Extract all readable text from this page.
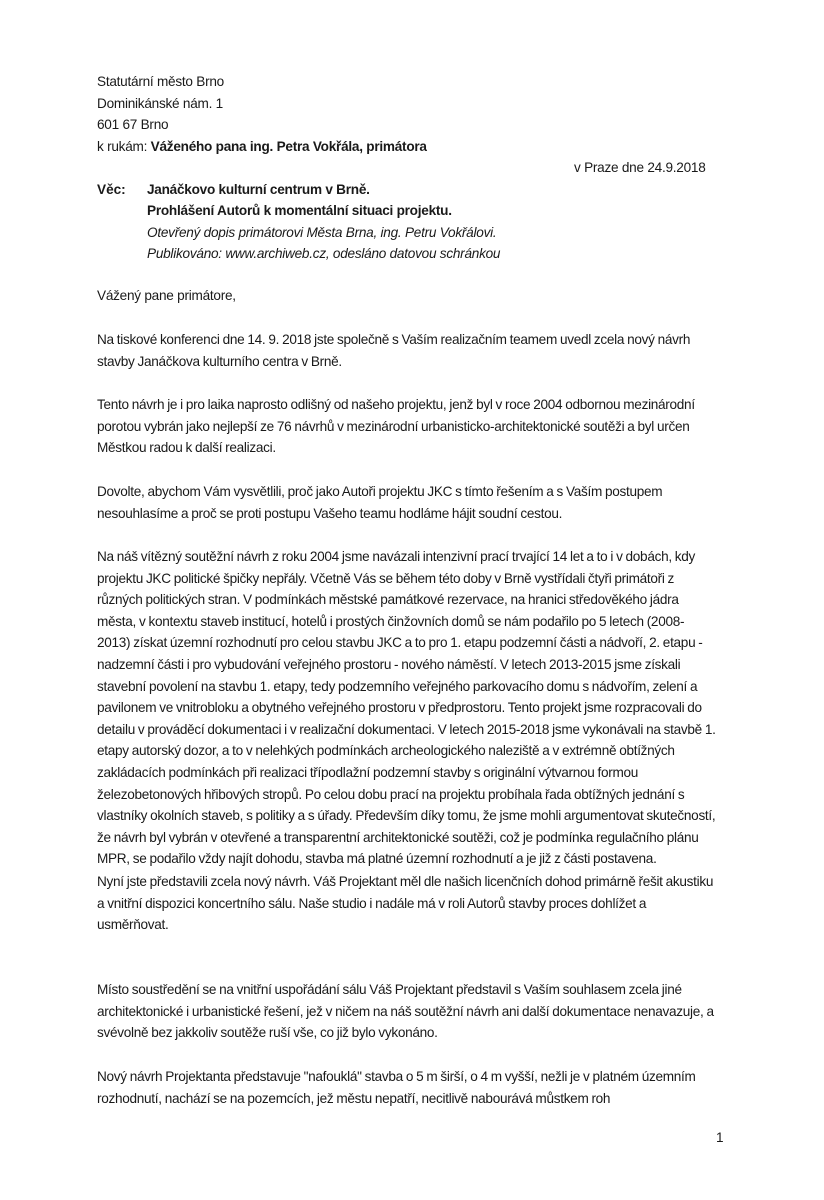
Statutární město Brno
Dominikánské nám. 1
601 67 Brno
k rukám: Váženého pana ing. Petra Vokřála, primátora
v Praze dne 24.9.2018
Věc: Janáčkovo kulturní centrum v Brně.
Prohlášení Autorů k momentální situaci projektu.
Otevřený dopis primátorovi Města Brna, ing. Petru Vokřálovi.
Publikováno: www.archiweb.cz, odesláno datovou schránkou
Vážený pane primátore,

Na tiskové konferenci dne 14. 9. 2018 jste společně s Vaším realizačním teamem uvedl zcela nový návrh stavby Janáčkova kulturního centra v Brně.

Tento návrh je i pro laika naprosto odlišný od našeho projektu, jenž byl v roce 2004 odbornou mezinárodní porotou vybrán jako nejlepší ze 76 návrhů v mezinárodní urbanisticko-architektonické soutěži a byl určen Městkou radou k další realizaci.

Dovolte, abychom Vám vysvětlili, proč jako Autoři projektu JKC s tímto řešením a s Vaším postupem nesouhlasíme a proč se proti postupu Vašeho teamu hodláme hájit soudní cestou.

Na náš vítězný soutěžní návrh z roku 2004 jsme navázali intenzivní prací trvající 14 let a to i v dobách, kdy projektu JKC politické špičky nepřály. Včetně Vás se během této doby v Brně vystřídali čtyři primátoři z různých politických stran. V podmínkách městské památkové rezervace, na hranici středověkého jádra města, v kontextu staveb institucí, hotelů i prostých činžovních domů se nám podařilo po 5 letech (2008-2013) získat územní rozhodnutí pro celou stavbu JKC a to pro 1. etapu podzemní části a nádvoří, 2. etapu - nadzemní části i pro vybudování veřejného prostoru - nového náměstí. V letech 2013-2015 jsme získali stavební povolení na stavbu 1. etapy, tedy podzemního veřejného parkovacího domu s nádvořím, zelení a pavilonem ve vnitrobloku a obytného veřejného prostoru v předprostoru. Tento projekt jsme rozpracovali do detailu v prováděcí dokumentaci i v realizační dokumentaci. V letech 2015-2018 jsme vykonávali na stavbě 1. etapy autorský dozor, a to v nelehkých podmínkách archeologického naleziště a v extrémně obtížných zakládacích podmínkách při realizaci třípodlažní podzemní stavby s originální výtvarnou formou železobetonových hřibových stropů. Po celou dobu prací na projektu probíhala řada obtížných jednání s vlastníky okolních staveb, s politiky a s úřady. Především díky tomu, že jsme mohli argumentovat skutečností, že návrh byl vybrán v otevřené a transparentní architektonické soutěži, což je podmínka regulačního plánu MPR, se podařilo vždy najít dohodu, stavba má platné územní rozhodnutí a je již z části postavena.

Nyní jste představili zcela nový návrh. Váš Projektant měl dle našich licenčních dohod primárně řešit akustiku a vnitřní dispozici koncertního sálu. Naše studio i nadále má v roli Autorů stavby proces dohlížet a usměrňovat.

Místo soustředění se na vnitřní uspořádání sálu Váš Projektant představil s Vaším souhlasem zcela jiné architektonické i urbanistické řešení, jež v ničem na náš soutěžní návrh ani další dokumentace nenavazuje, a svévolně bez jakkoliv soutěže ruší vše, co již bylo vykonáno.

Nový návrh Projektanta představuje "nafouklá" stavba o 5 m širší, o 4 m vyšší, nežli je v platném územním rozhodnutí, nachází se na pozemcích, jež městu nepatří, necitlivě nabourává můstkem roh

1
